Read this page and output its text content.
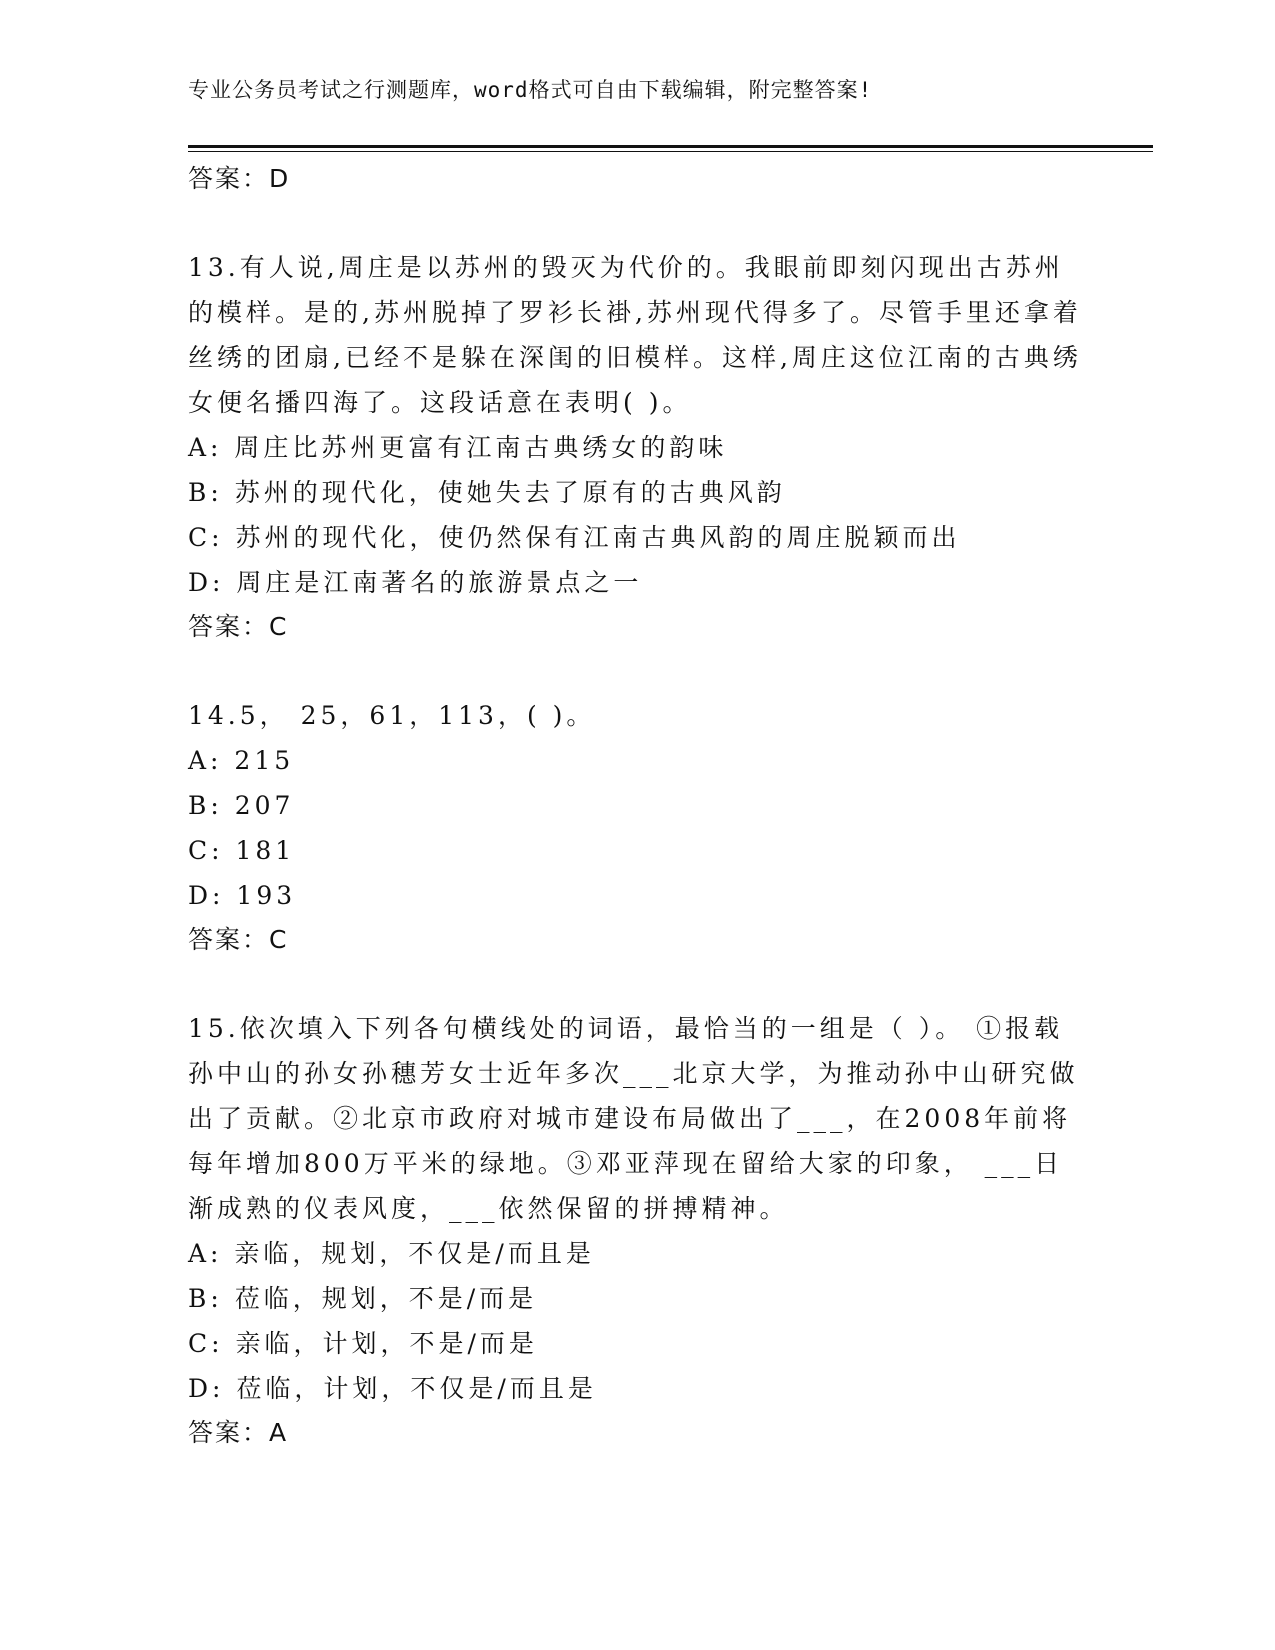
专业公务员考试之行测题库，word格式可自由下载编辑，附完整答案!
答案：D

13.有人说,周庄是以苏州的毁灭为代价的。我眼前即刻闪现出古苏州的模样。是的,苏州脱掉了罗衫长褂,苏州现代得多了。尽管手里还拿着丝绣的团扇,已经不是躲在深闺的旧模样。这样,周庄这位江南的古典绣女便名播四海了。这段话意在表明( )。

A: 周庄比苏州更富有江南古典绣女的韵味
B: 苏州的现代化，使她失去了原有的古典风韵
C: 苏州的现代化，使仍然保有江南古典风韵的周庄脱颖而出
D: 周庄是江南著名的旅游景点之一
答案：C

14.5， 25，61，113，( )。

A: 215
B: 207
C: 181
D: 193
答案：C

15.依次填入下列各句横线处的词语，最恰当的一组是（ ）。 ①报载孙中山的孙女孙穗芳女士近年多次___北京大学，为推动孙中山研究做出了贡献。②北京市政府对城市建设布局做出了___，在2008年前将每年增加800万平米的绿地。③邓亚萍现在留给大家的印象， ___日渐成熟的仪表风度，___依然保留的拼搏精神。

A: 亲临，规划，不仅是/而且是
B: 莅临，规划，不是/而是
C: 亲临，计划，不是/而是
D: 莅临，计划，不仅是/而且是
答案：A
